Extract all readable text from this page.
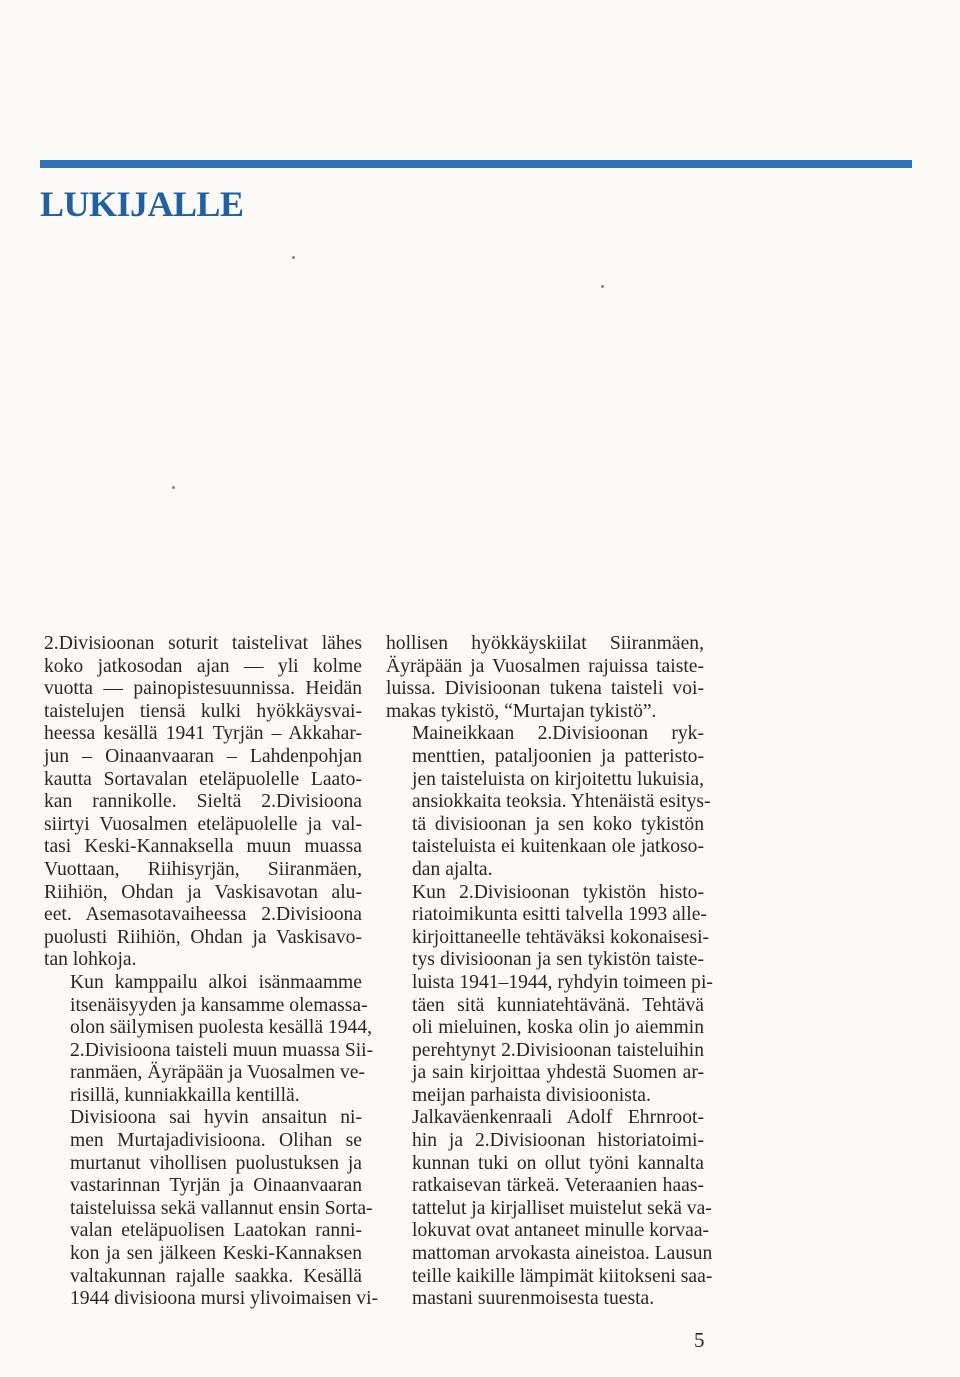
LUKIJALLE

2.Divisioonan soturit taistelivat lähes
koko jatkosodan ajan — yli kolme
vuotta — painopistesuunnissa. Heidän
taistelujen tiensä kulki hyökkäysvai-
heessa kesällä 1941 Tyrjän – Akkahar-
jun – Oinaanvaaran – Lahdenpohjan
kautta Sortavalan eteläpuolelle Laato-
kan rannikolle. Sieltä 2.Divisioona
siirtyi Vuosalmen eteläpuolelle ja val-
tasi Keski-Kannaksella muun muassa
Vuottaan, Riihisyrjän, Siiranmäen,
Riihiön, Ohdan ja Vaskisavotan alu-
eet. Asemasotavaiheessa 2.Divisioona
puolusti Riihiön, Ohdan ja Vaskisavo-
tan lohkoja.

Kun kamppailu alkoi isänmaamme
itsenäisyyden ja kansamme olemassa-
olon säilymisen puolesta kesällä 1944,
2.Divisioona taisteli muun muassa Sii-
ranmäen, Äyräpään ja Vuosalmen ve-
risillä, kunniakkailla kentillä.

Divisioona sai hyvin ansaitun ni-
men Murtajadivisioona. Olihan se
murtanut vihollisen puolustuksen ja
vastarinnan Tyrjän ja Oinaanvaaran
taisteluissa sekä vallannut ensin Sorta-
valan eteläpuolisen Laatokan ranni-
kon ja sen jälkeen Keski-Kannaksen
valtakunnan rajalle saakka. Kesällä
1944 divisioona mursi ylivoimaisen vi-

hollisen hyökkäyskiilat Siiranmäen,
Äyräpään ja Vuosalmen rajuissa taiste-
luissa. Divisioonan tukena taisteli voi-
makas tykistö, “Murtajan tykistö”.

Maineikkaan 2.Divisioonan ryk-
menttien, pataljoonien ja patteristo-
jen taisteluista on kirjoitettu lukuisia,
ansiokkaita teoksia. Yhtenäistä esitys-
tä divisioonan ja sen koko tykistön
taisteluista ei kuitenkaan ole jatkoso-
dan ajalta.

Kun 2.Divisioonan tykistön histo-
riatoimikunta esitti talvella 1993 alle-
kirjoittaneelle tehtäväksi kokonaisesi-
tys divisioonan ja sen tykistön taiste-
luista 1941–1944, ryhdyin toimeen pi-
täen sitä kunniatehtävänä. Tehtävä
oli mieluinen, koska olin jo aiemmin
perehtynyt 2.Divisioonan taisteluihin
ja sain kirjoittaa yhdestä Suomen ar-
meijan parhaista divisioonista.

Jalkaväenkenraali Adolf Ehrnroot-
hin ja 2.Divisioonan historiatoimi-
kunnan tuki on ollut työni kannalta
ratkaisevan tärkeä. Veteraanien haas-
tattelut ja kirjalliset muistelut sekä va-
lokuvat ovat antaneet minulle korvaa-
mattoman arvokasta aineistoa. Lausun
teille kaikille lämpimät kiitokseni saa-
mastani suurenmoisesta tuesta.

5
